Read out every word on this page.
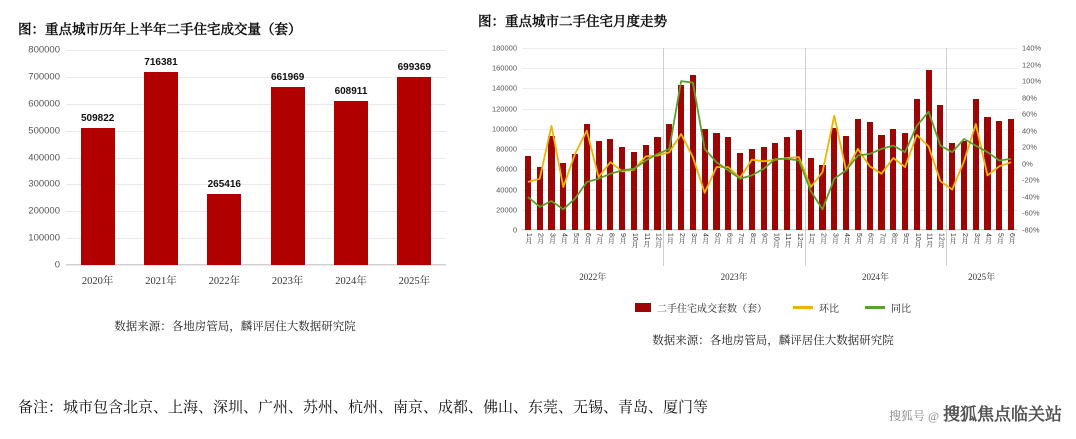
图：重点城市历年上半年二手住宅成交量（套）
0
100000
200000
300000
400000
500000
600000
700000
800000
509822
2020年
716381
2021年
265416
2022年
661969
2023年
608911
2024年
699369
2025年
数据来源：各地房管局，麟评居住大数据研究院
图：重点城市二手住宅月度走势
0
20000
40000
60000
80000
100000
120000
140000
160000
180000
-80%
-60%
-40%
-20%
0%
20%
40%
60%
80%
100%
120%
140%
1月 2月 3月 4月 5月 6月 7月 8月 9月 10月 11月 12月 1月 2月 3月 4月 5月 6月 7月 8月 9月 10月 11月 12月 1月 2月 3月 4月 5月 6月 7月 8月 9月 10月 11月 12月 1月 2月 3月 4月 5月 6月
2022年	2023年	2024年	2025年
二手住宅成交套数（套）	环比	同比
数据来源：各地房管局，麟评居住大数据研究院
备注：城市包含北京、上海、深圳、广州、苏州、杭州、南京、成都、佛山、东莞、无锡、青岛、厦门等	搜狐号 @ 搜狐焦点临关站
